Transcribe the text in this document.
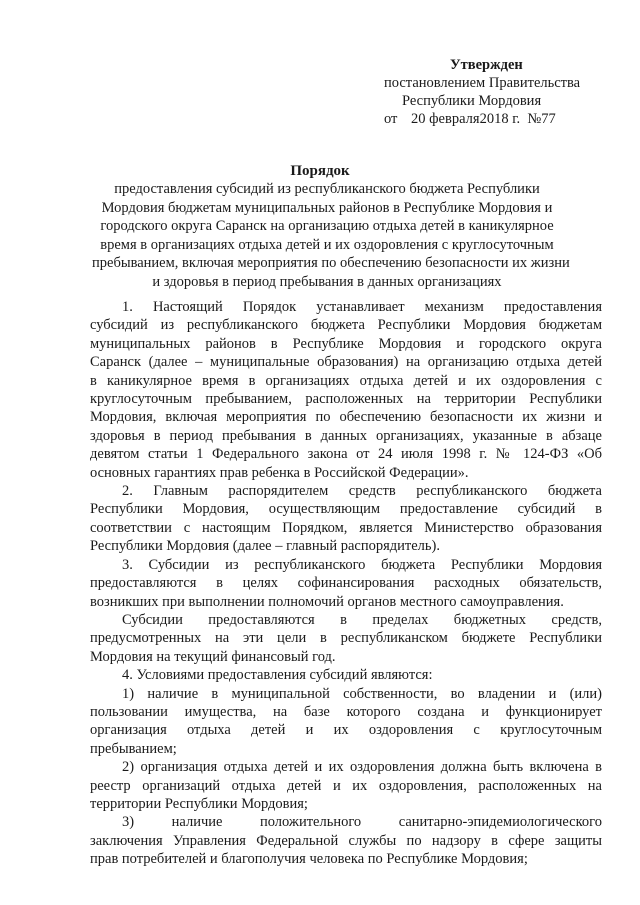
Утвержден
постановлением Правительства
Республики Мордовия
от 20 февраля2018 г. №77
Порядок
предоставления субсидий из республиканского бюджета Республики
Мордовия бюджетам муниципальных районов в Республике Мордовия и
городского округа Саранск на организацию отдыха детей в каникулярное
время в организациях отдыха детей и их оздоровления с круглосуточным
пребыванием, включая мероприятия по обеспечению безопасности их жизни
и здоровья в период пребывания в данных организациях
1. Настоящий Порядок устанавливает механизм предоставления
субсидий из республиканского бюджета Республики Мордовия бюджетам
муниципальных районов в Республике Мордовия и городского округа
Саранск (далее – муниципальные образования) на организацию отдыха детей
в каникулярное время в организациях отдыха детей и их оздоровления с
круглосуточным пребыванием, расположенных на территории Республики
Мордовия, включая мероприятия по обеспечению безопасности их жизни и
здоровья в период пребывания в данных организациях, указанные в абзаце
девятом статьи 1 Федерального закона от 24 июля 1998 г. № 124-ФЗ «Об
основных гарантиях прав ребенка в Российской Федерации».
2. Главным распорядителем средств республиканского бюджета
Республики Мордовия, осуществляющим предоставление субсидий в
соответствии с настоящим Порядком, является Министерство образования
Республики Мордовия (далее – главный распорядитель).
3. Субсидии из республиканского бюджета Республики Мордовия
предоставляются в целях софинансирования расходных обязательств,
возникших при выполнении полномочий органов местного самоуправления.
Субсидии предоставляются в пределах бюджетных средств,
предусмотренных на эти цели в республиканском бюджете Республики
Мордовия на текущий финансовый год.
4. Условиями предоставления субсидий являются:
1) наличие в муниципальной собственности, во владении и (или)
пользовании имущества, на базе которого создана и функционирует
организация отдыха детей и их оздоровления с круглосуточным
пребыванием;
2) организация отдыха детей и их оздоровления должна быть включена в
реестр организаций отдыха детей и их оздоровления, расположенных на
территории Республики Мордовия;
3) наличие положительного санитарно-эпидемиологического
заключения Управления Федеральной службы по надзору в сфере защиты
прав потребителей и благополучия человека по Республике Мордовия;
